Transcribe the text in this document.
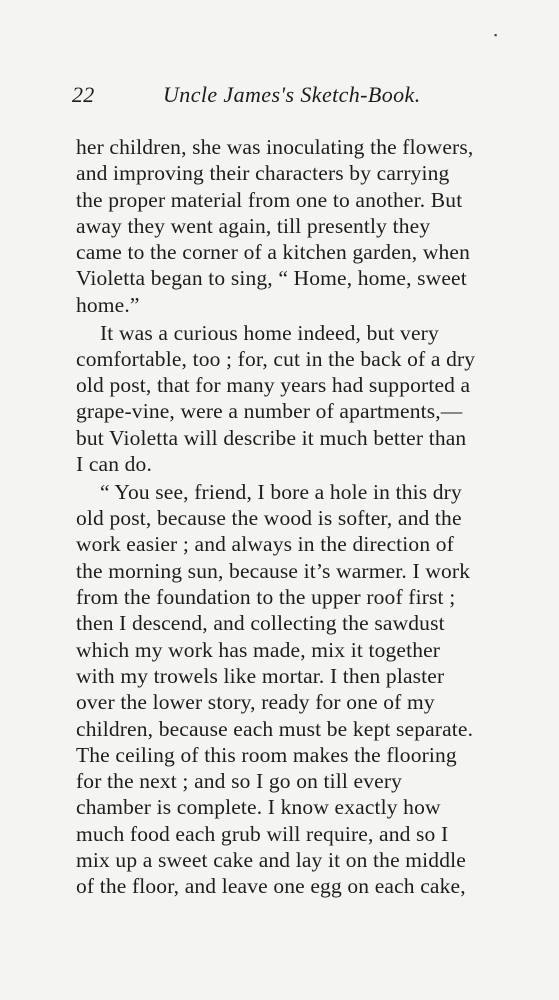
▪
22	Uncle James's Sketch-Book.

her children, she was inoculating the flowers,
and improving their characters by carrying
the proper material from one to another. But
away they went again, till presently they
came to the corner of a kitchen garden, when
Violetta began to sing, “ Home, home, sweet
home.”

It was a curious home indeed, but very
comfortable, too ; for, cut in the back of a dry
old post, that for many years had supported a
grape-vine, were a number of apartments,—
but Violetta will describe it much better than
I can do.

“ You see, friend, I bore a hole in this dry
old post, because the wood is softer, and the
work easier ; and always in the direction of
the morning sun, because it’s warmer. I work
from the foundation to the upper roof first ;
then I descend, and collecting the sawdust
which my work has made, mix it together
with my trowels like mortar. I then plaster
over the lower story, ready for one of my
children, because each must be kept separate.
The ceiling of this room makes the flooring
for the next ; and so I go on till every
chamber is complete. I know exactly how
much food each grub will require, and so I
mix up a sweet cake and lay it on the middle
of the floor, and leave one egg on each cake,
